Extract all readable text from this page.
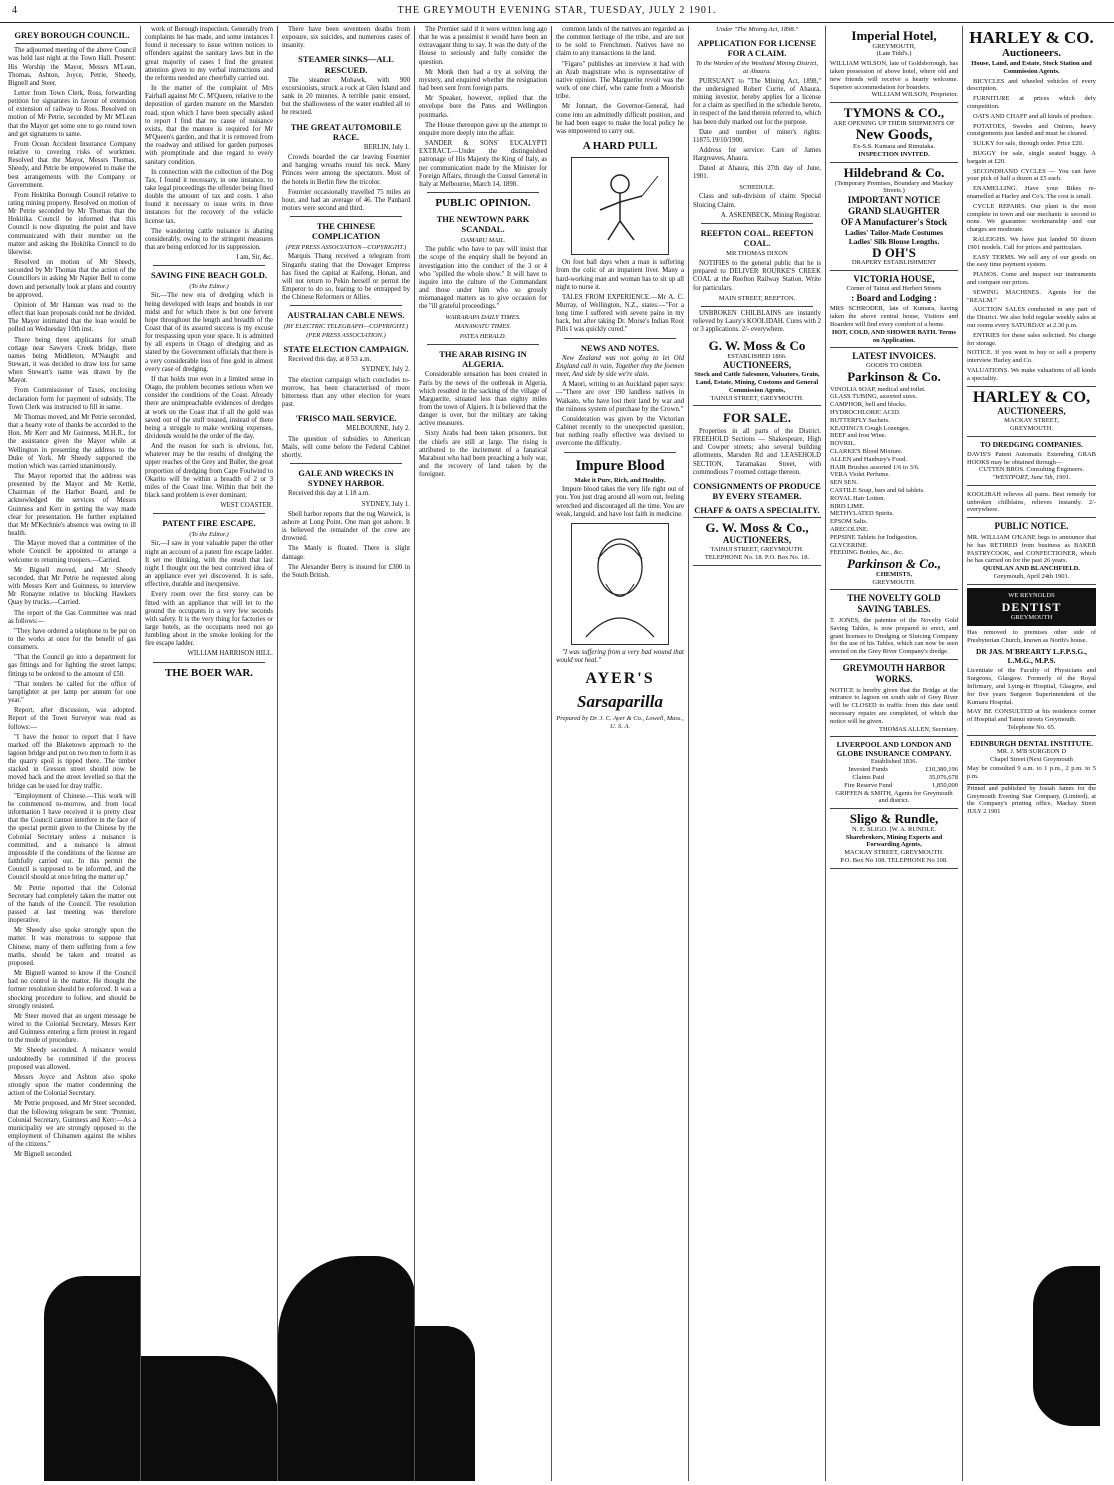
4	THE GREYMOUTH EVENING STAR, TUESDAY, JULY 2 1901.
GREY BOROUGH COUNCIL.

The adjourned meeting of the above Council was held last night at the Town Hall. Present: His Worship the Mayor, Messrs M'Lean, Thomas, Ashton, Joyce, Petrie, Sheedy, Bignell and Steer.

Letter from Town Clerk, Ross, forwarding petition for signatures in favour of extension of extension of railway to Ross. Resolved on motion of Mr Petrie, seconded by Mr M'Lean that the Mayor get some one to go round town and get signatures to same.

From Ocean Accident Insurance Company relative to covering risks of workmen. Resolved that the Mayor, Messrs Thomas, Sheedy, and Petrie be empowered to make the best arrangements with the Company or Government.

From Hokitika Borough Council relative to rating mining property. Resolved on motion of Mr Petrie seconded by Mr Thomas that the Hokitika Council be informed that this Council is now disputing the point and have communicated with their member on the matter and asking the Hokitika Council to do likewise.

Resolved on motion of Mr Sheedy, seconded by Mr Thomas that the action of the Councillors in asking Mr Napier Bell to come down and personally look at plans and country be approved.

Opinion of Mr Hannan was read to the effect that loan proposals could not be divided. The Mayor intimated that the loan would be polled on Wednesday 10th inst.

There being three applicants for small cottage near Sawyers Creek bridge, there names being Middleton, M'Naught and Stewart, it was decided to draw lots for same when Stewart's name was drawn by the Mayor.

From Commissioner of Taxes, enclosing declaration form for payment of subsidy. The Town Clerk was instructed to fill in same.

Mr Thomas moved, and Mr Petrie seconded, that a hearty vote of thanks be accorded to the Hon. Mr Kerr and Mr Guinness, M.H.R., for the assistance given the Mayor while at Wellington in presenting the address to the Duke of York. Mr Sheedy supported the motion which was carried unanimously.

The Mayor reported that the address was presented by the Mayor and Mr Kettle, Chairman of the Harbor Board, and he acknowledged the services of Messrs Guinness and Kerr in getting the way made clear for presentation. He further explained that Mr M'Kechnie's absence was owing to ill health.

The Mayor moved that a committee of the whole Council be appointed to arrange a welcome to returning troopers.—Carried.

Mr Bignell moved, and Mr Sheedy seconded, that Mr Petrie be requested along with Messrs Kerr and Guinness, to interview Mr Ronayne relative to blocking Hawkers Quay by trucks.—Carried.

The report of the Gas Committee was read as follows:—

"They have ordered a telephone to be put on to the works at once for the benefit of gas consumers.

"That the Council go into a department for gas fittings and for lighting the street lamps; fittings to be ordered to the amount of £50.

"That tenders be called for the office of lamplighter at per lamp per annum for one year."

Report, after discussion, was adopted. Report of the Town Surveyor was read as follows:—

"I have the honor to report that I have marked off the Blaketown approach to the lagoon bridge and put on two men to form it as the quarry spoil is tipped there. The timber stacked in Gresson street should now be moved back and the street levelled so that the bridge can be used for dray traffic.

"Employment of Chinese.—This work will be commenced to-morrow, and from local information I have received it is pretty clear that the Council cannot interfere in the face of the special permit given to the Chinese by the Colonial Secretary unless a nuisance is committed, and a nuisance is almost impossible if the conditions of the license are faithfully carried out. In this permit the Council is supposed to be informed, and the Council should at once bring the matter up."

Mr Petrie reported that the Colonial Secretary had completely taken the matter out of the hands of the Council. The resolution passed at last meeting was therefore inoperative.

Mr Sheedy also spoke strongly upon the matter. It was monstrous to suppose that Chinese, many of them suffering from a few maths, should be taken and treated as proposed.

Mr Bignell wanted to know if the Council had no control in the matter. He thought the former resolution should be enforced. It was a shocking procedure to follow, and should be strongly resisted.

Mr Steer moved that an urgent message be wired to the Colonial Secretary, Messrs Kerr and Guinness entering a firm protest in regard to the mode of procedure.

Mr Sheedy seconded. A nuisance would undoubtedly be committed if the process proposed was allowed.

Messrs Joyce and Ashton also spoke strongly upon the matter condemning the action of the Colonial Secretary.

Mr Petrie proposed, and Mr Steer seconded, that the following telegram be sent: "Premier, Colonial Secretary, Guinness and Kerr:—As a municipality we are strongly opposed to the employment of Chinamen against the wishes of the citizens."

Mr Bignell seconded.

work of Borough inspection. Generally from complaints he has made, and some instances I found it necessary to issue written notices to offenders against the sanitary laws but in the great majority of cases I find the greatest attention given to my verbal instructions and the reforms needed are cheerfully carried out.

In the matter of the complaint of Mrs Fairhall against Mr C. M'Queen, relative to the deposition of garden manure on the Marsden road, upon which I have been specially asked to report I find that no cause of nuisance exists, that the manure is required for Mr M'Queen's garden, and that it is removed from the roadway and utilised for garden purposes with promptitude and due regard to every sanitary condition.

In connection with the collection of the Dog Tax, I found it necessary, in one instance, to take legal proceedings the offender being fined double the amount of tax and costs. I also found it necessary to issue writs in three instances for the recovery of the vehicle license tax.

The wandering cattle nuisance is abating considerably, owing to the stringent measures that are being enforced for its suppression.

I am, Sir, &c.

SAVING FINE BEACH GOLD.
(To the Editor.)

Sir,—The new era of dredging which is being developed with leaps and bounds in our midst and for which there is but one fervent hope throughout the length and breadth of the Coast that of its assured success is my excuse for trespassing upon your space. It is admitted by all experts in Otago of dredging and as stated by the Government officials that there is a very considerable loss of fine gold in almost every case of dredging.

If that holds true even in a limited sense in Otago, the problem becomes serious when we consider the conditions of the Coast. Already there are unimpeachable evidences of dredges at work on the Coast that if all the gold was saved out of the stuff treated, instead of there being a struggle to make working expenses, dividends would be the order of the day.

And the reason for such is obvious, for, whatever may be the results of dredging the upper reaches of the Grey and Buller, the great proportion of dredging from Cape Foulwind to Okarito will be within a breadth of 2 or 3 miles of the Coast line. Within that belt the black sand problem is ever dominant.

WEST COASTER.

PATENT FIRE ESCAPE.
(To the Editor.)

Sir,—I saw in your valuable paper the other night an account of a patent fire escape ladder. It set me thinking, with the result that last night I thought out the best contrived idea of an appliance ever yet discovered. It is safe, effective, durable and inexpensive.

Every room over the first storey can be fitted with an appliance that will let to the ground the occupants in a very few seconds with safety. It is the very thing for factories or large hotels, as the occupants need not go fumbling about in the smoke looking for the fire escape ladder.

WILLIAM HARRISON HILL.

THE BOER WAR.

There have been seventeen deaths from exposure, six suicides, and numerous cases of insanity.

STEAMER SINKS—ALL RESCUED.

The steamer Mohawk, with 900 excursionists, struck a rock at Glen Island and sank in 20 minutes. A terrible panic ensued, but the shallowness of the water enabled all to be rescued.

THE GREAT AUTOMOBILE RACE.

BERLIN, July 1.

Crowds boarded the car leaving Fournier and hanging wreaths round his neck. Many Princes were among the spectators. Most of the hotels in Berlin flew the tricolor.

Fournier occasionally travelled 75 miles an hour, and had an average of 46. The Panhard motors were second and third.

THE CHINESE COMPLICATION
(PER PRESS ASSOCIATION—COPYRIGHT.)

Marquis Thang received a telegram from Singanfu stating that the Dowager Empress has fixed the capital at Kaifeng, Honan, and will not return to Pekin herself or permit the Emperor to do so, fearing to be entrapped by the Chinese Reformers or Allies.

AUSTRALIAN CABLE NEWS.
(BY ELECTRIC TELEGRAPH—COPYRIGHT.)
(PER PRESS ASSOCIATION.)
STATE ELECTION CAMPAIGN.

Received this day, at 8 53 a.m.

SYDNEY, July 2.

The election campaign which concludes to-morrow, has been characterised of more bitterness than any other election for years past.

'FRISCO MAIL SERVICE.

MELBOURNE, July 2.

The question of subsidies to American Mails, will come before the Federal Cabinet shortly.

GALE AND WRECKS IN SYDNEY HARBOR.

Received this day at 1.18 a.m.

SYDNEY, July 1.

Shell harbor reports that the tug Warwick, is ashore at Long Point. One man got ashore. It is believed the remainder of the crew are drowned.

The Manly is floated. There is slight damage.

The Alexander Berry is insured for £300 in the South British.

The Premier said if it were written long ago that he was a pessimist it would have been an extravagant thing to say. It was the duty of the House to seriously and fully consider the question.

Mr Monk then had a try at solving the mystery, and enquired whether the resignation had been sent from foreign parts.

Mr Speaker, however, replied that the envelope bore the Pates and Wellington postmarks.

The House thereupon gave up the attempt to enquire more deeply into the affair.

SANDER & SONS' EUCALYPTI EXTRACT.—Under the distinguished patronage of His Majesty the King of Italy, as per communication made by the Minister for Foreign Affairs, through the Consul General in Italy at Melbourne, March 14, 1898.

PUBLIC OPINION.
THE NEWTOWN PARK SCANDAL.
OAMARU MAIL.

The public who have to pay will insist that the scope of the enquiry shall be beyond an investigation into the conduct of the 3 or 4 who "spilled the whole show." It will have to inquire into the culture of the Commandant and those under him who so grossly mismanaged matters as to give occasion for the "ill grateful proceedings."

WAIRARAPA DAILY TIMES.
MANAWATU TIMES.
PATEA HERALD.
THE ARAB RISING IN ALGERIA.

Considerable sensation has been created in Paris by the news of the outbreak in Algeria, which resulted in the sacking of the village of Marguerite, situated less than eighty miles from the town of Algiers. It is believed that the danger is over, but the military are taking active measures.

Sixty Arabs had been taken prisoners, but the chiefs are still at large. The rising is attributed to the incitement of a fanatical Marabout who had been preaching a holy war, and the recovery of land taken by the foreigner.

common lands of the natives are regarded as the common heritage of the tribe, and are not to be sold to Frenchmen. Natives have no claim to any transactions in the land.

"Figaro" publishes an interview it had with an Arab magistrate who is representative of native opinion. The Marguerite revolt was the work of one chief, who came from a Moorish tribe.

Mr Jonnart, the Governor-General, had come into an admittedly difficult position, and he had been eager to make the local policy he was empowered to carry out.

A HARD PULL

On foot ball days when a man is suffering from the colic of an impatient liver. Many a hard-working man and woman has to sit up all night to nurse it.

TALES FROM EXPERIENCE.—Mr A. C. Murray, of Wellington, N.Z., states:—"For a long time I suffered with severe pains in my back, but after taking Dr. Morse's Indian Root Pills I was quickly cured."

NEWS AND NOTES.

New Zealand was not going to let Old England call in vain, Together they the foemen meet, And side by side we're slain.

A Maori, writing to an Auckland paper says:—"There are over 190 landless natives in Waikato, who have lost their land by war and the ruinous system of purchase by the Crown."

Consideration was given by the Victorian Cabinet recently to the unexpected question, but nothing really effective was devised to overcome the difficulty.

Impure Blood
Make it Pure, Rich, and Healthy.

Impure blood takes the very life right out of you. You just drag around all worn out, feeling wretched and discouraged all the time. You are weak, languid, and have lost faith in medicine.

"I was suffering from a very bad wound that would not heal."

AYER'S
Sarsaparilla
Prepared by Dr. J. C. Ayer & Co., Lowell, Mass., U. S. A.
Under "The Mining Act, 1898."
APPLICATION FOR LICENSE FOR A CLAIM.
To the Warden of the Westland Mining District, at Ahaura.

PURSUANT to "The Mining Act, 1898," the undersigned Robert Currie, of Ahaura, mining investor, hereby applies for a license for a claim as specified in the schedule hereto, in respect of the land therein referred to, which has been duly marked out for the purpose.

Date and number of miner's rights: 11875.19/10/1900.

Address for service: Care of James Hargreaves, Ahaura.

Dated at Ahaura, this 27th day of June, 1901.

SCHEDULE.

Class and sub-division of claim: Special Sluicing Claim.

A. ASKENBECK, Mining Registrar.

REEFTON COAL. REEFTON COAL.
MR THOMAS DIXON

NOTIFIES to the general public that he is prepared to DELIVER ROURKE'S CREEK COAL at the Reefton Railway Station. Write for particulars.

MAIN STREET, REEFTON.

UNBROKEN CHILBLAINS are instantly relieved by Laury's KOOLIDAH. Cures with 2 or 3 applications. 2/- everywhere.

G. W. Moss & Co
ESTABLISHED 1866.
AUCTIONEERS,
Stock and Cattle Salesmen, Valuators, Grain, Land, Estate, Mining, Customs and General Commission Agents,
TAINUI STREET, GREYMOUTH.
FOR SALE.

Properties in all parts of the District. FREEHOLD Sections — Shakespeare, High and Cowper streets; also several building allotments, Marsden Rd and LEASEHOLD SECTION, Taramakau Street, with commodious 7 roomed cottage thereon.

CONSIGNMENTS OF PRODUCE BY EVERY STEAMER.
CHAFF & OATS A SPECIALITY.
G. W. Moss & Co.,
AUCTIONEERS,
TAINUI STREET, GREYMOUTH.
TELEPHONE No. 18. P.O. Box No. 18.
Imperial Hotel,
GREYMOUTH,
(Late Tidd's.)
WILLIAM WILSON, late of Goldsborough, has taken possession of above hotel, where old and new friends will receive a hearty welcome. Superior accommodation for boarders.
WILLIAM WILSON, Proprietor.
TYMONS & CO.,
ARE OPENING UP THEIR SHIPMENTS OF
New Goods,
Ex-S.S. Kumara and Rimutaka.
INSPECTION INVITED.
Hildebrand & Co.
(Temporary Premises, Boundary and Mackay Streets.)
IMPORTANT NOTICE
GRAND SLAUGHTER
OF A Manufacturer's Stock
Ladies' Tailor-Made Costumes
Ladies' Silk Blouse Lengths.
D OH'S
DRAPERY ESTABLISHMENT
VICTORIA HOUSE,
Corner of Tainui and Herbert Streets
: Board and Lodging :
MRS SCHRODER, late of Kumara, having taken the above central house, Visitors and Boarders will find every comfort of a home.
HOT, COLD, AND SHOWER BATH. Terms on Application.
LATEST INVOICES.
GOODS TO ORDER
Parkinson & Co.
VINOLIA SOAP, medical and toilet.
GLASS TUBING, assorted sizes.
CAMPHOR, bell and blocks.
HYDROCHLORIC ACID.
BUTTERFLY Sachets.
KEATING'S Cough Lozenges.
BEEF and Iron Wine.
BOVRIL.
CLARKE'S Blood Mixture.
ALLEN and Hanbury's Food.
HAIR Brushes assorted 1/6 to 3/6.
VERA Violet Perfume.
SEN SEN.
CASTILE Soap, bars and 6d tablets.
ROYAL Hair Lotion.
BIRD LIME.
METHYLATED Spirits.
EPSOM Salts.
ARECOLINE.
PEPSINE Tablets for Indigestion.
GLYCERINE.
FEEDING Bottles, &c., &c.
Parkinson & Co.,
CHEMISTS,
GREYMOUTH.
THE NOVELTY GOLD SAVING TABLES.
T. JONES, the patentee of the Novelty Gold Saving Tables, is now prepared to erect, and grant licenses to Dredging or Sluicing Company for the use of his Tables, which can now be seen erected on the Grey River Company's dredge.
GREYMOUTH HARBOR WORKS.
NOTICE is hereby given that the Bridge at the entrance to lagoon on south side of Grey River will be CLOSED to traffic from this date until necessary repairs are completed, of which due notice will be given.
THOMAS ALLEN, Secretary.
LIVERPOOL AND LONDON AND GLOBE INSURANCE COMPANY.
Established 1836.
Invested Funds	£10,380,196
Claims Paid	35,076,678
Fire Reserve Fund	1,850,000
GRIFFEN & SMITH, Agents for Greymouth and district.
Sligo & Rundle,
N. E. SLIGO. [W. A. RUNDLE.
Sharebrokers, Mining Experts and Forwarding Agents,
MACKAY STREET, GREYMOUTH.
P.O. Box No 108. TELEPHONE No 108.
HARLEY & CO.
Auctioneers.
House, Land, and Estate, Stock Station and Commission Agents.

BICYCLES and wheeled vehicles of every description.

FURNITURE at prices which defy competition.

OATS AND CHAFF and all kinds of produce.

POTATOES, Swedes and Onions, heavy consignments just landed and must be cleared.

SULKY for sale, through order. Price £20.

BUGGY for sale, single seated buggy. A bargain at £20.

SECONDHAND CYCLES — You can have your pick of half a dozen at £5 each.

ENAMELLING. Have your Bikes re-enamelled at Harley and Co's. The cost is small.

CYCLE REPAIRS. Our plant is the most complete in town and our mechanic is second to none. We guarantee workmanship and our charges are moderate.

RALEIGHS. We have just landed 50 dozen 1901 models. Call for prices and particulars.

EASY TERMS. We sell any of our goods on the easy time payment system.

PIANOS. Come and inspect our instruments and compare our prices.

SEWING MACHINES. Agents for the "REALM."

AUCTION SALES conducted in any part of the District. We also hold regular weekly sales at our rooms every SATURDAY at 2.30 p.m.

ENTRIES for these sales solicited. No charge for storage.

NOTICE. If you want to buy or sell a property interview Harley and Co.
VALUATIONS. We make valuations of all kinds a speciality.
HARLEY & CO,
AUCTIONEERS,
MACKAY STREET,
GREYMOUTH.
TO DREDGING COMPANIES.
DAVIS'S Patent Automatic Extending GRAB HOOKS may be obtained through—
CUTTEN BROS. Consulting Engineers.
"WESTPORT, June 5th, 1901.
KOOLIBAH relieves all pains. Best remedy for unbroken chilblains, relieves instantly. 2/- everywhere.
PUBLIC NOTICE.
MR. WILLIAM O'KANE begs to announce that he has RETIRED from business as BAKER PASTRYCOOK, and CONFECTIONER, which he has carried on for the past 26 years.
QUINLAN AND BLANCHFIELD.
Greymouth, April 24th 1901.
WE REYNOLDS
DENTIST
GREYMOUTH
Has removed to premises other side of Presbyterian Church, known as North's house.
DR JAS. M'BREARTY L.F.P.S.G., L.M.G., M.P.S.
Licentiate of the Faculty of Physicians and Surgeons, Glasgow. Formerly of the Royal Infirmary, and Lying-in Hospital, Glasgow, and for five years Surgeon Superintendent of the Kumara Hospital.
MAY BE CONSULTED at his residence corner of Hospital and Tainui streets Greymouth.
Telephone No. 65.
EDINBURGH DENTAL INSTITUTE.
MR. J. M'B SURGEON D
Chapel Street (Next Greymouth
May be consulted 9 a.m. to 1 p.m., 2 p.m. to 5 p.m.
Printed and published by Josiah James for the Greymouth Evening Star Company, (Limited), at the Company's printing office, Mackay Street JULY 2 1901
